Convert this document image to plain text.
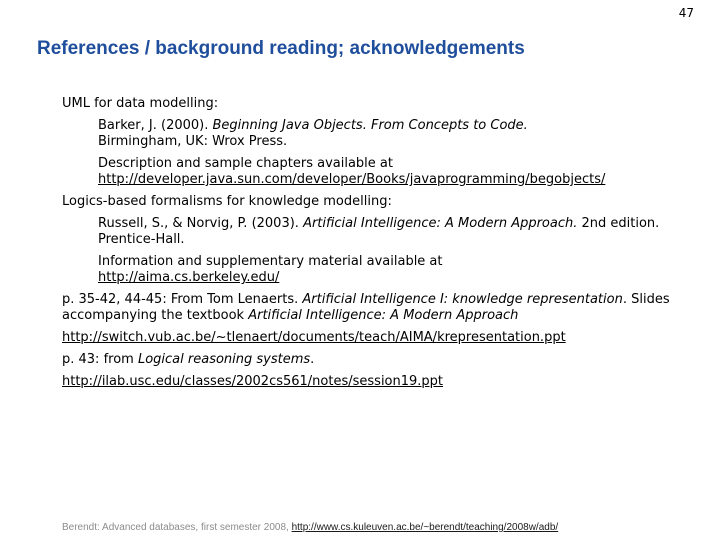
47
References / background reading; acknowledgements
UML for data modelling:
Barker, J. (2000). Beginning Java Objects. From Concepts to Code.
Birmingham, UK: Wrox Press.
Description and sample chapters available at
http://developer.java.sun.com/developer/Books/javaprogramming/begobjects/
Logics-based formalisms for knowledge modelling:
Russell, S., & Norvig, P. (2003). Artificial Intelligence: A Modern Approach. 2nd edition. Prentice-Hall.
Information and supplementary material available at
http://aima.cs.berkeley.edu/
p. 35-42, 44-45: From Tom Lenaerts. Artificial Intelligence I: knowledge representation. Slides accompanying the textbook Artificial Intelligence: A Modern Approach
http://switch.vub.ac.be/~tlenaert/documents/teach/AIMA/krepresentation.ppt
p. 43: from Logical reasoning systems.
http://ilab.usc.edu/classes/2002cs561/notes/session19.ppt
Berendt: Advanced databases, first semester 2008, http://www.cs.kuleuven.ac.be/~berendt/teaching/2008w/adb/
